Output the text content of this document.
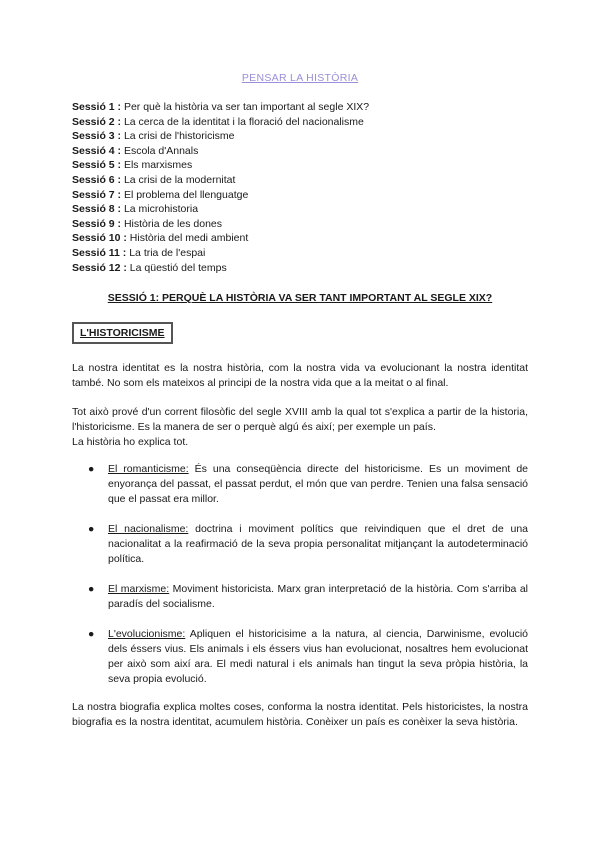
PENSAR LA HISTÒRIA
Sessió 1 : Per què la història va ser tan important al segle XIX?
Sessió 2 : La cerca de la identitat i la floració del nacionalisme
Sessió 3 : La crisi de l'historicisme
Sessió 4 : Escola d'Annals
Sessió 5 : Els marxismes
Sessió 6 : La crisi de la modernitat
Sessió 7 : El problema del llenguatge
Sessió 8 : La microhistoria
Sessió 9 : Història de les dones
Sessió 10 : Història del medi ambient
Sessió 11 : La tria de l'espai
Sessió 12 : La qüestió del temps
SESSIÓ 1: PERQUÈ LA HISTÒRIA VA SER TANT IMPORTANT AL SEGLE XIX?
L'HISTORICISME
La nostra identitat es la nostra història, com la nostra vida va evolucionant la nostra identitat també. No som els mateixos al principi de la nostra vida que a la meitat o al final.
Tot això prové d'un corrent filosòfic del segle XVIII amb la qual tot s'explica a partir de la historia, l'historicisme. Es la manera de ser o perquè algú és així; per exemple un país.
La història ho explica tot.
● El romanticisme: És una conseqüència directe del historicisme. Es un moviment de enyorança del passat, el passat perdut, el món que van perdre. Tenien una falsa sensació que el passat era millor.
● El nacionalisme: doctrina i moviment polítics que reivindiquen que el dret de una nacionalitat a la reafirmació de la seva propia personalitat mitjançant la autodeterminació política.
● El marxisme: Moviment historicista. Marx gran interpretació de la història. Com s'arriba al paradís del socialisme.
● L'evolucionisme: Apliquen el historicisime a la natura, al ciencia, Darwinisme, evolució dels éssers vius. Els animals i els éssers vius han evolucionat, nosaltres hem evolucionat per això som així ara. El medi natural i els animals han tingut la seva pròpia història, la seva propia evolució.
La nostra biografia explica moltes coses, conforma la nostra identitat. Pels historicistes, la nostra biografia es la nostra identitat, acumulem història. Conèixer un país es conèixer la seva història.
